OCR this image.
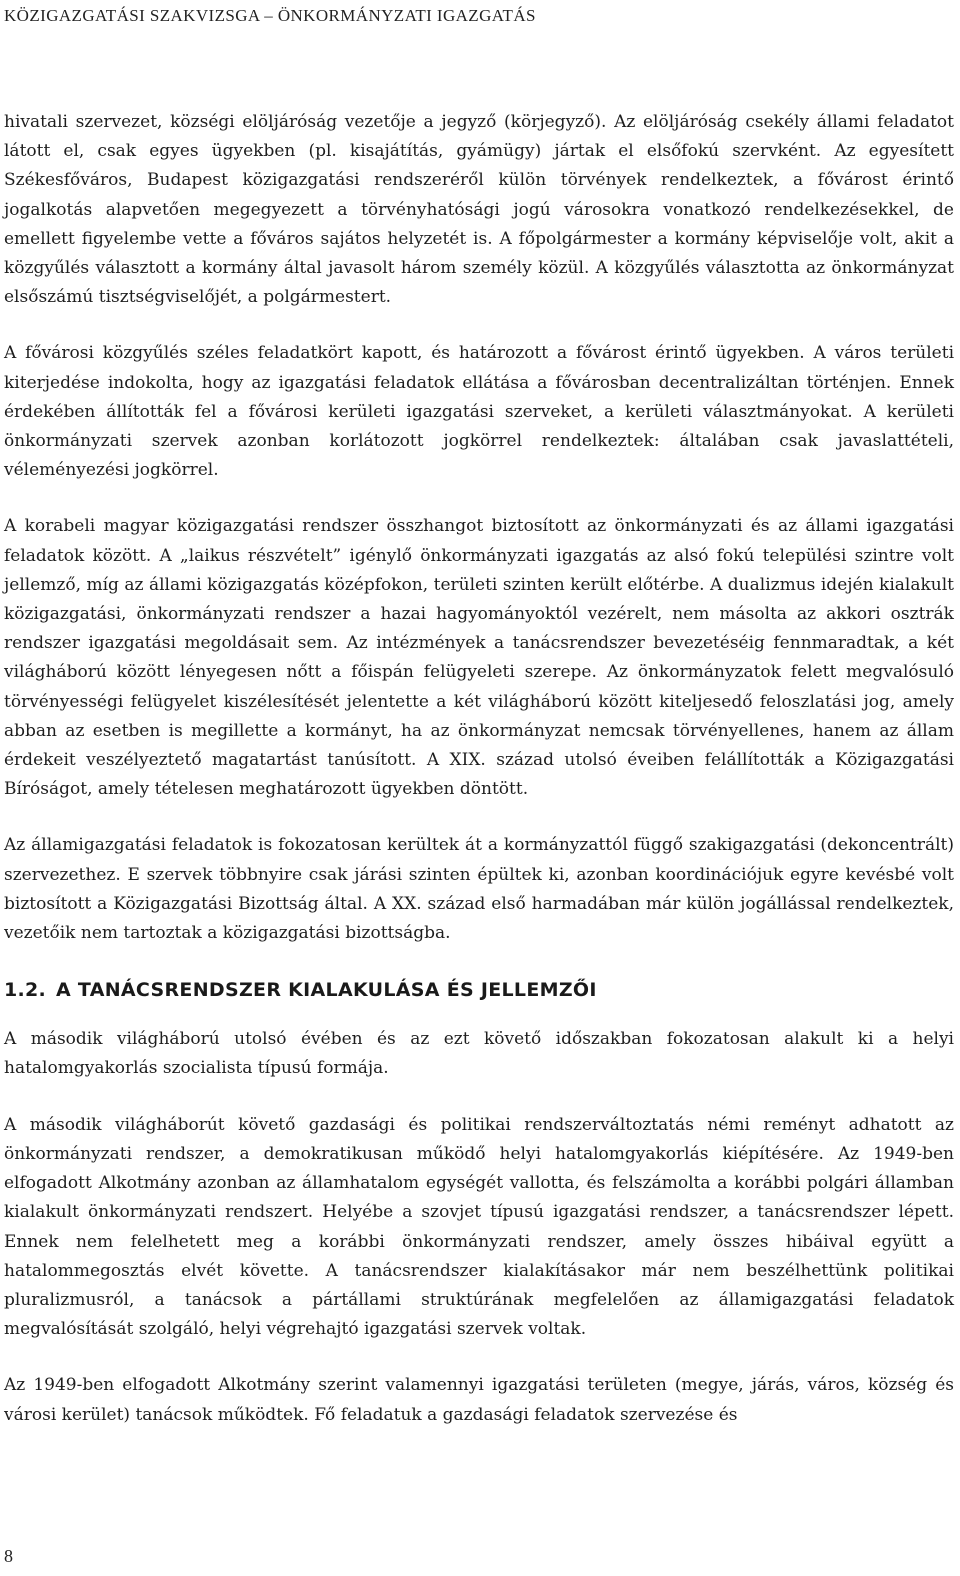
KÖZIGAZGATÁSI SZAKVIZSGA – ÖNKORMÁNYZATI IGAZGATÁS

hivatali szervezet, községi elöljáróság vezetője a jegyző (körjegyző). Az elöljáróság csekély állami feladatot látott el, csak egyes ügyekben (pl. kisajátítás, gyámügy) jártak el elsőfokú szervként. Az egyesített Székesfőváros, Budapest közigazgatási rendszeréről külön törvények rendelkeztek, a fővárost érintő jogalkotás alapvetően megegyezett a törvényhatósági jogú városokra vonatkozó rendelkezésekkel, de emellett figyelembe vette a főváros sajátos helyzetét is. A főpolgármester a kormány képviselője volt, akit a közgyűlés választott a kormány által javasolt három személy közül. A közgyűlés választotta az önkormányzat elsőszámú tisztségviselőjét, a polgármestert.

A fővárosi közgyűlés széles feladatkört kapott, és határozott a fővárost érintő ügyekben. A város területi kiterjedése indokolta, hogy az igazgatási feladatok ellátása a fővárosban decentralizáltan történjen. Ennek érdekében állították fel a fővárosi kerületi igazgatási szerveket, a kerületi választmányokat. A kerületi önkormányzati szervek azonban korlátozott jogkörrel rendelkeztek: általában csak javaslattételi, véleményezési jogkörrel.

A korabeli magyar közigazgatási rendszer összhangot biztosított az önkormányzati és az állami igazgatási feladatok között. A „laikus részvételt” igénylő önkormányzati igazgatás az alsó fokú települési szintre volt jellemző, míg az állami közigazgatás középfokon, területi szinten került előtérbe. A dualizmus idején kialakult közigazgatási, önkormányzati rendszer a hazai hagyományoktól vezérelt, nem másolta az akkori osztrák rendszer igazgatási megoldásait sem. Az intézmények a tanácsrendszer bevezetéséig fennmaradtak, a két világháború között lényegesen nőtt a főispán felügyeleti szerepe. Az önkormányzatok felett megvalósuló törvényességi felügyelet kiszélesítését jelentette a két világháború között kiteljesedő feloszlatási jog, amely abban az esetben is megillette a kormányt, ha az önkormányzat nemcsak törvényellenes, hanem az állam érdekeit veszélyeztető magatartást tanúsított. A XIX. század utolsó éveiben felállították a Közigazgatási Bíróságot, amely tételesen meghatározott ügyekben döntött.

Az államigazgatási feladatok is fokozatosan kerültek át a kormányzattól függő szakigazgatási (dekoncentrált) szervezethez. E szervek többnyire csak járási szinten épültek ki, azonban koordinációjuk egyre kevésbé volt biztosított a Közigazgatási Bizottság által. A XX. század első harmadában már külön jogállással rendelkeztek, vezetőik nem tartoztak a közigazgatási bizottságba.

1.2. A TANÁCSRENDSZER KIALAKULÁSA ÉS JELLEMZŐI

A második világháború utolsó évében és az ezt követő időszakban fokozatosan alakult ki a helyi hatalomgyakorlás szocialista típusú formája.

A második világháborút követő gazdasági és politikai rendszerváltoztatás némi reményt adhatott az önkormányzati rendszer, a demokratikusan működő helyi hatalomgyakorlás kiépítésére. Az 1949-ben elfogadott Alkotmány azonban az államhatalom egységét vallotta, és felszámolta a korábbi polgári államban kialakult önkormányzati rendszert. Helyébe a szovjet típusú igazgatási rendszer, a tanácsrendszer lépett. Ennek nem felelhetett meg a korábbi önkormányzati rendszer, amely összes hibáival együtt a hatalommegosztás elvét követte. A tanácsrendszer kialakításakor már nem beszélhettünk politikai pluralizmusról, a tanácsok a pártállami struktúrának megfelelően az államigazgatási feladatok megvalósítását szolgáló, helyi végrehajtó igazgatási szervek voltak.

Az 1949-ben elfogadott Alkotmány szerint valamennyi igazgatási területen (megye, járás, város, község és városi kerület) tanácsok működtek. Fő feladatuk a gazdasági feladatok szervezése és

8
